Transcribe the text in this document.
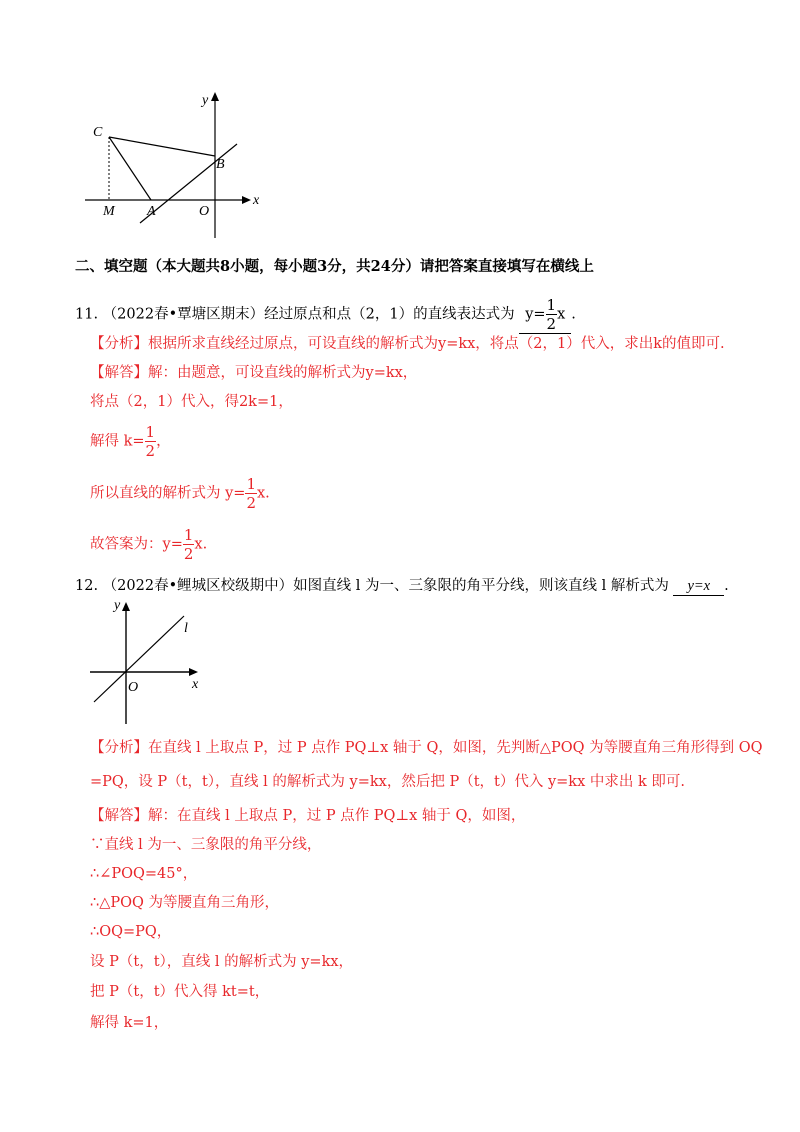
y
x
C
B
M A	O
二、填空题（本大题共8小题，每小题3分，共24分）请把答案直接填写在横线上
11. （2022春•覃塘区期末）经过原点和点（2，1）的直线表达式为 $y= \frac{1}{2}$ x .
【分析】根据所求直线经过原点，可设直线的解析式为y=kx，将点（2，1）代入，求出k的值即可.
【解答】解：由题意，可设直线的解析式为y=kx，
将点（2，1）代入，得2k=1，
解得 $k= \frac{1}{2}$ ，
所以直线的解析式为 $y= \frac{1}{2} x$.
故答案为：$y= \frac{1}{2} x$.
12. （2022春•鲤城区校级期中）如图直线 l 为一、三象限的角平分线，则该直线 l 解析式为 y=x .
y
x
O
l
【分析】在直线 l 上取点 P，过 P 点作 PQ⊥x 轴于 Q，如图，先判断△POQ 为等腰直角三角形得到 OQ
=PQ，设 P（t，t），直线 l 的解析式为 y=kx，然后把 P（t，t）代入 y=kx 中求出 k 即可.
【解答】解：在直线 l 上取点 P，过 P 点作 PQ⊥x 轴于 Q，如图，
∵直线 l 为一、三象限的角平分线，
∴∠POQ=45°，
∴△POQ 为等腰直角三角形，
∴OQ=PQ，
设 P（t，t），直线 l 的解析式为 y=kx，
把 P（t，t）代入得 kt=t，
解得 k=1，
